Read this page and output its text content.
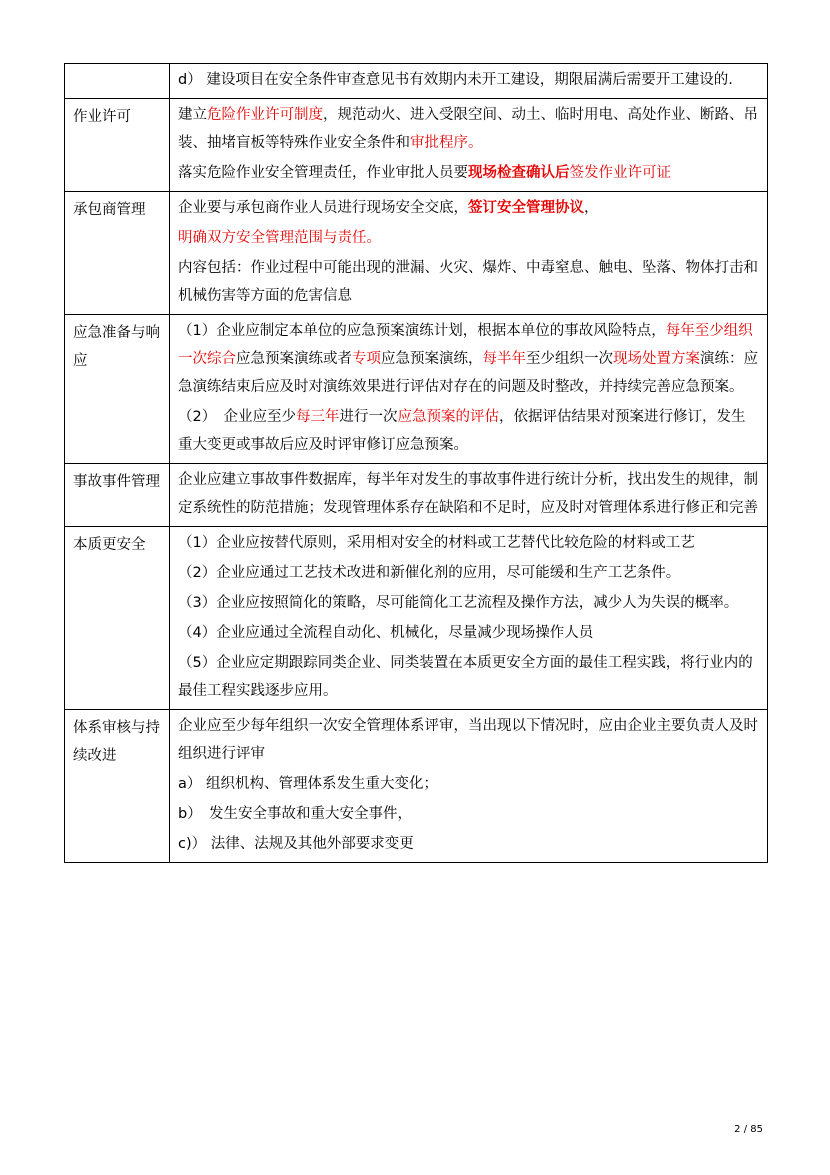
	d） 建设项目在安全条件审查意见书有效期内未开工建设，期限届满后需要开工建设的.

作业许可	建立危险作业许可制度，规范动火、进入受限空间、动土、临时用电、高处作业、断路、吊装、抽堵盲板等特殊作业安全条件和审批程序。
落实危险作业安全管理责任，作业审批人员要现场检查确认后签发作业许可证

承包商管理	企业要与承包商作业人员进行现场安全交底，签订安全管理协议，
明确双方安全管理范围与责任。
内容包括：作业过程中可能出现的泄漏、火灾、爆炸、中毒窒息、触电、坠落、物体打击和机械伤害等方面的危害信息

应急准备与响应	（1）企业应制定本单位的应急预案演练计划，根据本单位的事故风险特点，每年至少组织一次综合应急预案演练或者专项应急预案演练，每半年至少组织一次现场处置方案演练：应急演练结束后应及时对演练效果进行评估对存在的问题及时整改，并持续完善应急预案。
（2）　企业应至少每三年进行一次应急预案的评估，依据评估结果对预案进行修订，发生重大变更或事故后应及时评审修订应急预案。

事故事件管理	企业应建立事故事件数据库，每半年对发生的事故事件进行统计分析，找出发生的规律，制定系统性的防范措施；发现管理体系存在缺陷和不足时，应及时对管理体系进行修正和完善

本质更安全	（1）企业应按替代原则，采用相对安全的材料或工艺替代比较危险的材料或工艺
（2）企业应通过工艺技术改进和新催化剂的应用，尽可能缓和生产工艺条件。
（3）企业应按照简化的策略，尽可能简化工艺流程及操作方法，减少人为失误的概率。
（4）企业应通过全流程自动化、机械化，尽量减少现场操作人员
（5）企业应定期跟踪同类企业、同类装置在本质更安全方面的最佳工程实践，将行业内的最佳工程实践逐步应用。

体系审核与持续改进	企业应至少每年组织一次安全管理体系评审，当出现以下情况时，应由企业主要负责人及时组织进行评审
a） 组织机构、管理体系发生重大变化；
b）　发生安全事故和重大安全事件，
c)） 法律、法规及其他外部要求变更
2 / 85
